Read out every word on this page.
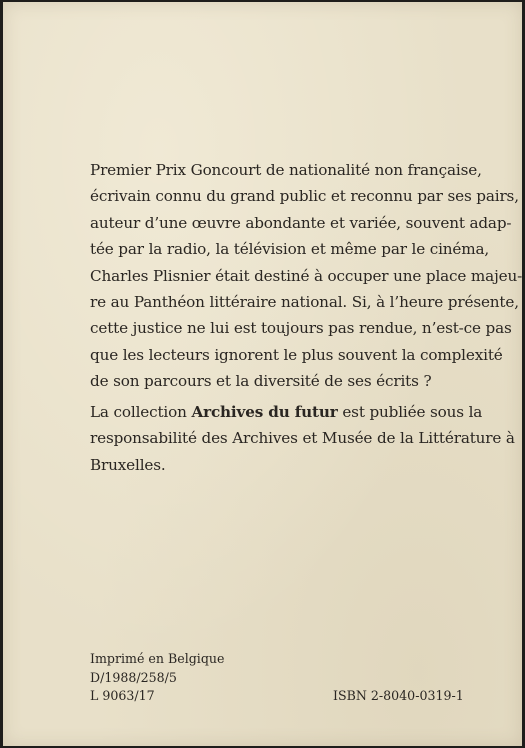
Premier Prix Goncourt de nationalité non française,
écrivain connu du grand public et reconnu par ses pairs,
auteur d’une œuvre abondante et variée, souvent adap-
tée par la radio, la télévision et même par le cinéma,
Charles Plisnier était destiné à occuper une place majeu-
re au Panthéon littéraire national. Si, à l’heure présente,
cette justice ne lui est toujours pas rendue, n’est-ce pas
que les lecteurs ignorent le plus souvent la complexité
de son parcours et la diversité de ses écrits ?

La collection Archives du futur est publiée sous la
responsabilité des Archives et Musée de la Littérature à
Bruxelles.

Imprimé en Belgique
D/1988/258/5
L 9063/17	ISBN 2-8040-0319-1
